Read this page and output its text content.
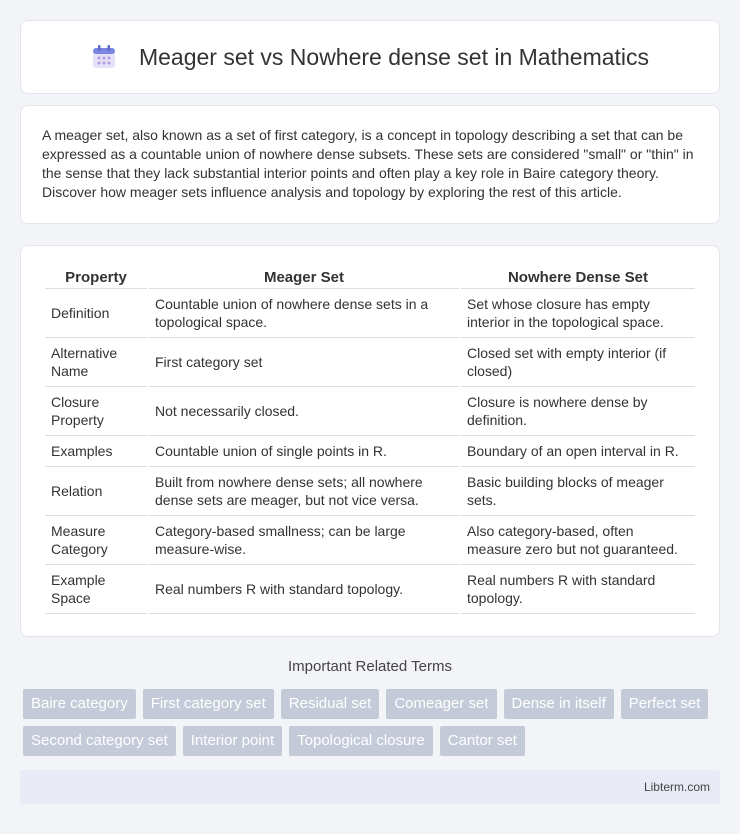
Meager set vs Nowhere dense set in Mathematics

A meager set, also known as a set of first category, is a concept in topology describing a set that can be expressed as a countable union of nowhere dense subsets. These sets are considered "small" or "thin" in the sense that they lack substantial interior points and often play a key role in Baire category theory. Discover how meager sets influence analysis and topology by exploring the rest of this article.

Property	Meager Set	Nowhere Dense Set
Definition	Countable union of nowhere dense sets in a topological space.	Set whose closure has empty interior in the topological space.
Alternative Name	First category set	Closed set with empty interior (if closed)
Closure Property	Not necessarily closed.	Closure is nowhere dense by definition.
Examples	Countable union of single points in R.	Boundary of an open interval in R.
Relation	Built from nowhere dense sets; all nowhere dense sets are meager, but not vice versa.	Basic building blocks of meager sets.
Measure Category	Category-based smallness; can be large measure-wise.	Also category-based, often measure zero but not guaranteed.
Example Space	Real numbers R with standard topology.	Real numbers R with standard topology.
Important Related Terms
Baire category	First category set	Residual set	Comeager set	Dense in itself	Perfect set
Second category set	Interior point	Topological closure	Cantor set
Libterm.com
